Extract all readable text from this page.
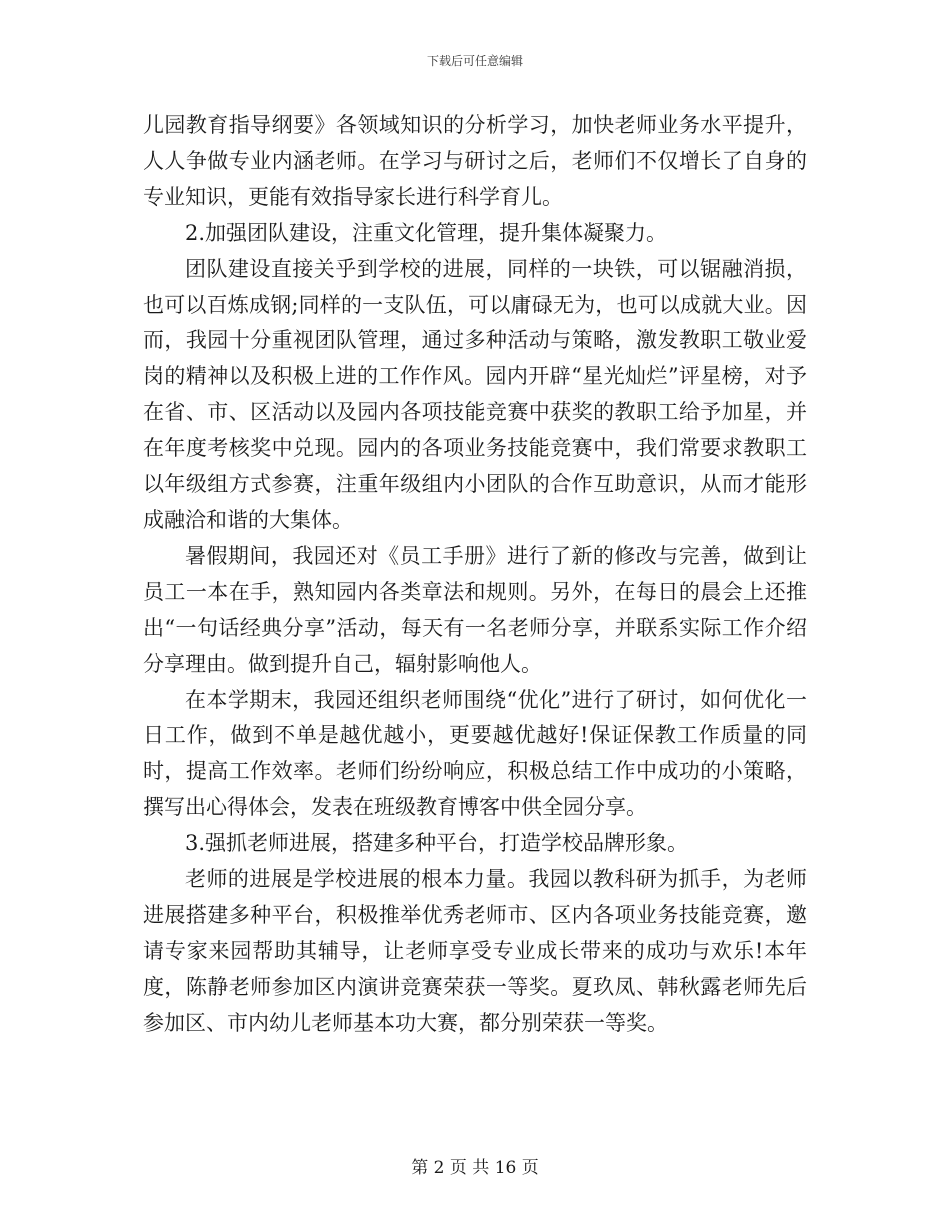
下载后可任意编辑

儿园教育指导纲要》各领域知识的分析学习，加快老师业务水平提升，人人争做专业内涵老师。在学习与研讨之后，老师们不仅增长了自身的专业知识，更能有效指导家长进行科学育儿。

2.加强团队建设，注重文化管理，提升集体凝聚力。

团队建设直接关乎到学校的进展，同样的一块铁，可以锯融消损，也可以百炼成钢;同样的一支队伍，可以庸碌无为，也可以成就大业。因而，我园十分重视团队管理，通过多种活动与策略，激发教职工敬业爱岗的精神以及积极上进的工作作风。园内开辟“星光灿烂”评星榜，对予在省、市、区活动以及园内各项技能竞赛中获奖的教职工给予加星，并在年度考核奖中兑现。园内的各项业务技能竞赛中，我们常要求教职工以年级组方式参赛，注重年级组内小团队的合作互助意识，从而才能形成融洽和谐的大集体。

暑假期间，我园还对《员工手册》进行了新的修改与完善，做到让员工一本在手，熟知园内各类章法和规则。另外，在每日的晨会上还推出“一句话经典分享”活动，每天有一名老师分享，并联系实际工作介绍分享理由。做到提升自己，辐射影响他人。

在本学期末，我园还组织老师围绕“优化”进行了研讨，如何优化一日工作，做到不单是越优越小，更要越优越好!保证保教工作质量的同时，提高工作效率。老师们纷纷响应，积极总结工作中成功的小策略，撰写出心得体会，发表在班级教育博客中供全园分享。

3.强抓老师进展，搭建多种平台，打造学校品牌形象。

老师的进展是学校进展的根本力量。我园以教科研为抓手，为老师进展搭建多种平台，积极推举优秀老师市、区内各项业务技能竞赛，邀请专家来园帮助其辅导，让老师享受专业成长带来的成功与欢乐!本年度，陈静老师参加区内演讲竞赛荣获一等奖。夏玖凤、韩秋露老师先后参加区、市内幼儿老师基本功大赛，都分别荣获一等奖。

第 2 页 共 16 页
